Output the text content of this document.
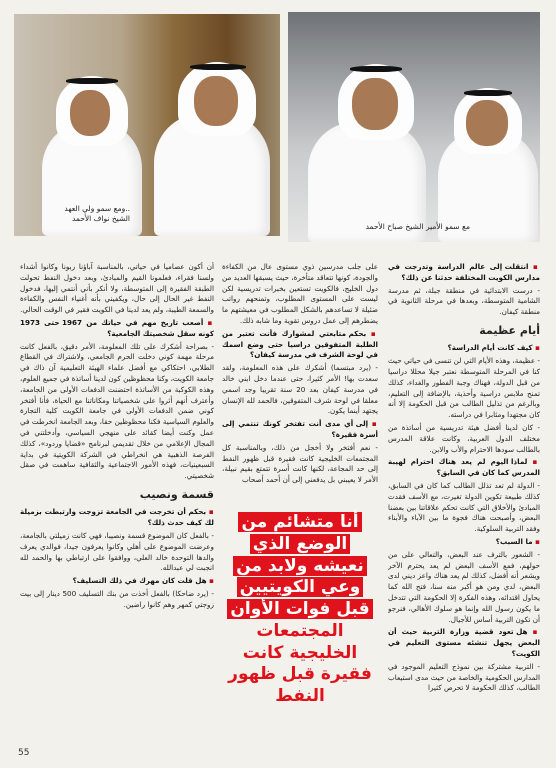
..ومع سمو ولي العهد
الشيخ نواف الأحمد
مع سمو الأمير الشيخ صباح الأحمد

▪ انتقلت إلى عالم الدراسة وتدرجت في مدارس الكويت المختلفة حدثنا عن ذلك؟

- درست الابتدائية في منطقة جبلة، ثم مدرسة الشامية المتوسطة، وبعدها في مرحلة الثانوية في منطقة كيفان.

أيام عظيمة

▪ كيف كانت أيام الدراسة؟

- عظيمة، وهذه الأيام التي لن تنسى في حياتي حيث كنا في المرحلة المتوسطة نعتبر جيلا محللا دراسيا من قبل الدولة، فهناك وجبة الفطور والغداء، كذلك تمنح ملابس دراسية وأحذية، بالإضافة إلى التعليم، وبالرغم من تذليل الطالب من قبل الحكومة إلا أنه كان مجتهدا ومثابرا في دراسته.

- كان لدينا أفضل هيئة تدريسية من أساتذة من مختلف الدول العربية، وكانت علاقة المدرس بالطالب سودها الاحترام والأب والابن.

▪ لماذا اليوم لم يعد هناك احترام لهيبة المدرس كما كان في السابق؟

- الدولة لم تعد تذلل الطالب كما كان في السابق، كذلك طبيعة تكوين الدولة تغيرت، مع الأسف فقدت المبادئ والأخلاق التي كانت تحكم علاقاتنا بين بعضنا البعض، وأصبحت هناك فجوة ما بين الآباء والأبناء وفقد التربية السلوكية.

▪ ما السبب؟

- الشعور بالترف عند البعض، والتعالي على من حولهم، فمع الأسف البعض لم يعد يحترم الآخر ويشعر أنه أفضل، كذلك لم يعد هناك واعز ديني لدى البعض، لدي ومن هو أكبر منه سنا، فتح الله كما يحاول اقتدائه، وهذه الفكرة إلا الحكومة التي تتدخل ما يكون رسول الله وإنما هو سلوك الأهالي، فنرجو أن تكون التربية أساس للأجيال.

▪ هل تعود قضية وزارة التربية حيث أن البعض يجهل تنشئه مستوى التعليم في الكويت؟

- التربية مشتركة بين نموذج التعليم الموجود في المدارس الحكومية والخاصة من حيث مدى استيعاب الطالب، كذلك الحكومة لا تحرص كثيرا

على جلب مدرسين ذوي مستوى عال من الكفاءة والجودة، كونها تتعاقد متأخرة، حيث يسبقها العديد من دول الخليج، فالكويت تستعين بخبرات تدريسية لكن ليست على المستوى المطلوب، وتمنحهم رواتب ضئيلة لا تساعدهم بالشكل المطلوب في معيشتهم ما يضطرهم إلى عمل دروس تقوية وما شابه ذلك.

▪ بحكم متابعتي لمشوارك فأنت تعتبر من الطلبة المتفوقين دراسيا حتى وضع اسمك في لوحة الشرف في مدرسة كيفان؟

- (يرد مبتسما) أشكرك على هذه المعلومة، ولقد سعدت بها! الأمر كثيرا، حتى عندما دخل ابني خالد في مدرسة كيفان بعد 20 سنة تقريبا وجد اسمي معلقا في لوحة شرف المتفوقين، فالحمد لله الإنسان يجتهد أينما يكون.

▪ إلى أي مدى أنت تفتخر كونك تنتمي إلى أسرة فقيرة؟

- نعم أفتخر ولا أخجل من ذلك، وبالمناسبة كل المجتمعات الخليجية كانت فقيرة قبل ظهور النفط إلى حد المجاعة، لكنها كانت أسرة تتمتع بقيم نبيلة، الأمر لا يعيبني بل يدفعني إلى أن أحمد أصحاب

أن أكون عصاميا في حياتي، بالمناسبة آباؤنا ربونا وكانوا أشداء ولسنا فقراء، فعلمونا القيم والمبادئ، وبعد دخول النفط تحولت الطبقة الفقيرة إلى المتوسطة، ولا أنكر بأني أنتمي إليها، فدخول النفط غير الحال إلى حال، ويكفيني بأنه أغنياء النفس والكفاءة والسمعة الطيبة، ولم يعد لدينا في الكويت فقير في الوقت الحالي.

▪ أصعب تاريخ مهم في حياتك من 1967 حتى 1973 كونه سقل شخصيتك الجامعية؟

- بصراحة أشكرك على تلك المعلومة، الأمر دقيق، بالفعل كانت مرحلة مهمة كوني دخلت الحرم الجامعي، ولاشتراك في القطاع الطلابي، احتكاكي مع أفضل علماء الهيئة التعليمية آن ذاك في جامعة الكويت، وكنا محظوظين كون لدينا أساتذة في جميع العلوم، وهذه الكوكبة من الأساتذة احتضنت الدفعات الأولى من الجامعة، وأعترف أنهم أثروا على شخصياتنا ومكاناتنا مع الحياة، فأنا أفتخر كوني ضمن الدفعات الأولى في جامعة الكويت كلية التجارة والعلوم السياسية فكنا محظوظين حقا، وبعد الجامعة انخرطت في عمل وكنت أيضا كقائد على منهجي السياسي، وأدخلتني في المجال الإعلامي من خلال تقديمي لبرنامج «قضايا وردود»، كذلك الفرصة الذهبية هي انخراطي في الشركة الكويتية في بداية السبعينيات، فهذه الأمور الاجتماعية والثقافية ساهمت في صقل شخصيتي.

قسمة ونصيب

▪ بحكم أن تخرجت في الجامعة تزوجت وارتبطت بزميلة لك كيف حدث ذلك؟

- بالفعل كان الموضوع قسمة ونصيبا، فهي كانت زميلتي بالجامعة، وعرضت الموضوع على أهلي وكانوا يعرفون جيدا، فوالدي يعرف والدها التوحدة خالد العلي، ووافقوا على ارتباطي بها والحمد لله انجبت لي عبدالله.

▪ هل قلت كان مهرك في ذلك التسليف؟

- (يرد ضاحكا) بالفعل أخذت من بنك التسليف 500 دينار إلى بيت زوجتي كمهر وهم كانوا راضين.

أنا متشائم من
الوضع الذي
نعيشه ولابد من
وعي الكويتيين
قبل فوات الأوان
المجتمعات
الخليجية كانت
فقيرة قبل ظهور
النفط
55
